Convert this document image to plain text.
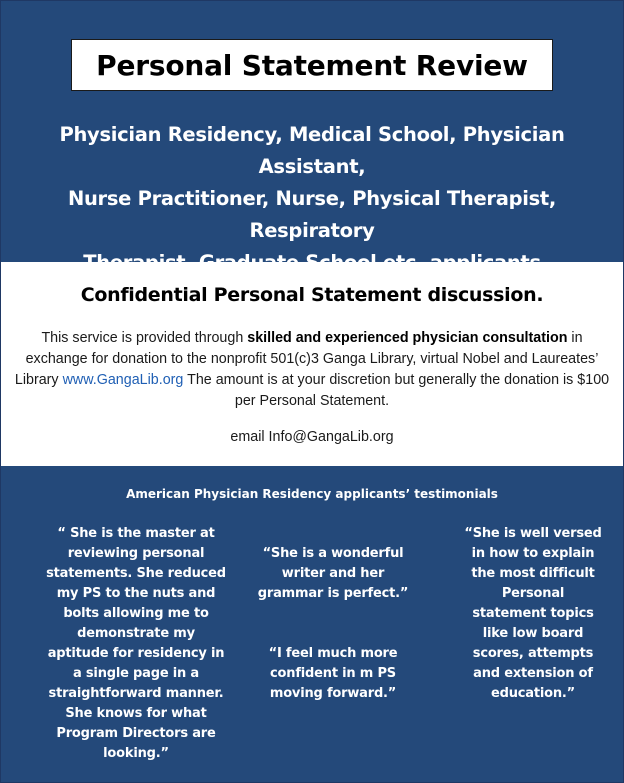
Personal Statement Review
Physician Residency, Medical School, Physician Assistant,
Nurse Practitioner, Nurse, Physical Therapist, Respiratory
Confidential Personal Statement discussion.
This service is provided through skilled and experienced physician consultation in exchange for donation to the nonprofit 501(c)3 Ganga Library, virtual Nobel and Laureates’ Library www.GangaLib.org The amount is at your discretion but generally the donation is $100 per Personal Statement.
email Info@GangaLib.org
American Physician Residency applicants’ testimonials
“ She is the master at reviewing personal statements. She reduced my PS to the nuts and bolts allowing me to demonstrate my aptitude for residency in a single page in a straightforward manner. She knows for what Program Directors are looking.”
“She is a wonderful writer and her grammar is perfect.”
“I feel much more confident in m PS moving forward.”
“She is well versed in how to explain the most difficult Personal statement topics like low board scores, attempts and extension of education.”
